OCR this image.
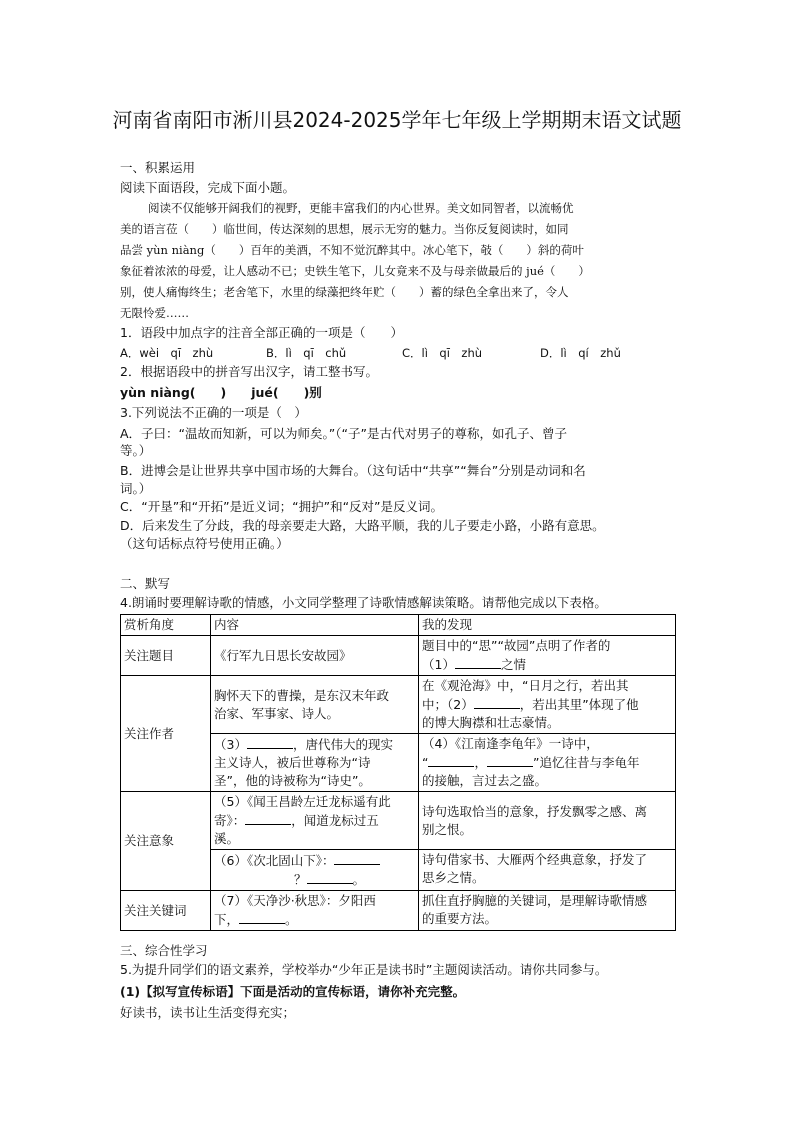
河南省南阳市淅川县2024-2025学年七年级上学期期末语文试题
一、积累运用
阅读下面语段，完成下面小题。
阅读不仅能够开阔我们的视野，更能丰富我们的内心世界。美文如同智者，以流畅优
美的语言莅（　　）临世间，传达深刻的思想，展示无穷的魅力。当你反复阅读时，如同
品尝 yùn niàng（　　）百年的美酒，不知不觉沉醉其中。冰心笔下，攲（　　）斜的荷叶
象征着浓浓的母爱，让人感动不已；史铁生笔下，儿女竟来不及与母亲做最后的 jué（　　）
别，使人痛悔终生；老舍笔下，水里的绿藻把终年贮（　　）蓄的绿色全拿出来了，令人
无限怜爱……
1．语段中加点字的注音全部正确的一项是（　　）
A．wèi　qī　zhù	B．lì　qī　chǔ	C．lì　qī　zhù	D．lì　qí　zhǔ
2．根据语段中的拼音写出汉字，请工整书写。
yùn niàng(　　)　　jué(　　)别
3.下列说法不正确的一项是（　）
A．子曰：“温故而知新，可以为师矣。”（“子”是古代对男子的尊称，如孔子、曾子
等。）
B．进博会是让世界共享中国市场的大舞台。（这句话中“共享”“舞台”分别是动词和名
词。）
C．“开垦”和“开拓”是近义词；“拥护”和“反对”是反义词。
D．后来发生了分歧，我的母亲要走大路，大路平顺，我的儿子要走小路，小路有意思。
（这句话标点符号使用正确。）
二、默写
4.朗诵时要理解诗歌的情感，小文同学整理了诗歌情感解读策略。请帮他完成以下表格。
赏析角度	内容	我的发现
关注题目	《行军九日思长安故园》	题目中的“思”“故园”点明了作者的
（1） 之情
关注作者	胸怀天下的曹操，是东汉末年政
治家、军事家、诗人。	在《观沧海》中，“日月之行，若出其
中；（2） ，若出其里”体现了他
的博大胸襟和壮志豪情。
	（3） ，唐代伟大的现实
主义诗人，被后世尊称为“诗
圣”，他的诗被称为“诗史”。	（4）《江南逢李龟年》一诗中，
“ ， ”追忆往昔与李龟年
的接触，言过去之盛。
关注意象	（5）《闻王昌龄左迁龙标遥有此
寄》： ，闻道龙标过五
溪。	诗句选取恰当的意象，抒发飘零之感、离
别之恨。
	（6）《次北固山下》：
？ 。	诗句借家书、大雁两个经典意象，抒发了
思乡之情。
关注关键词	（7）《天净沙·秋思》：夕阳西
下， 。	抓住直抒胸臆的关键词，是理解诗歌情感
的重要方法。
三、综合性学习
5.为提升同学们的语文素养，学校举办“少年正是读书时”主题阅读活动。请你共同参与。
(1)【拟写宣传标语】下面是活动的宣传标语，请你补充完整。
好读书，读书让生活变得充实；
